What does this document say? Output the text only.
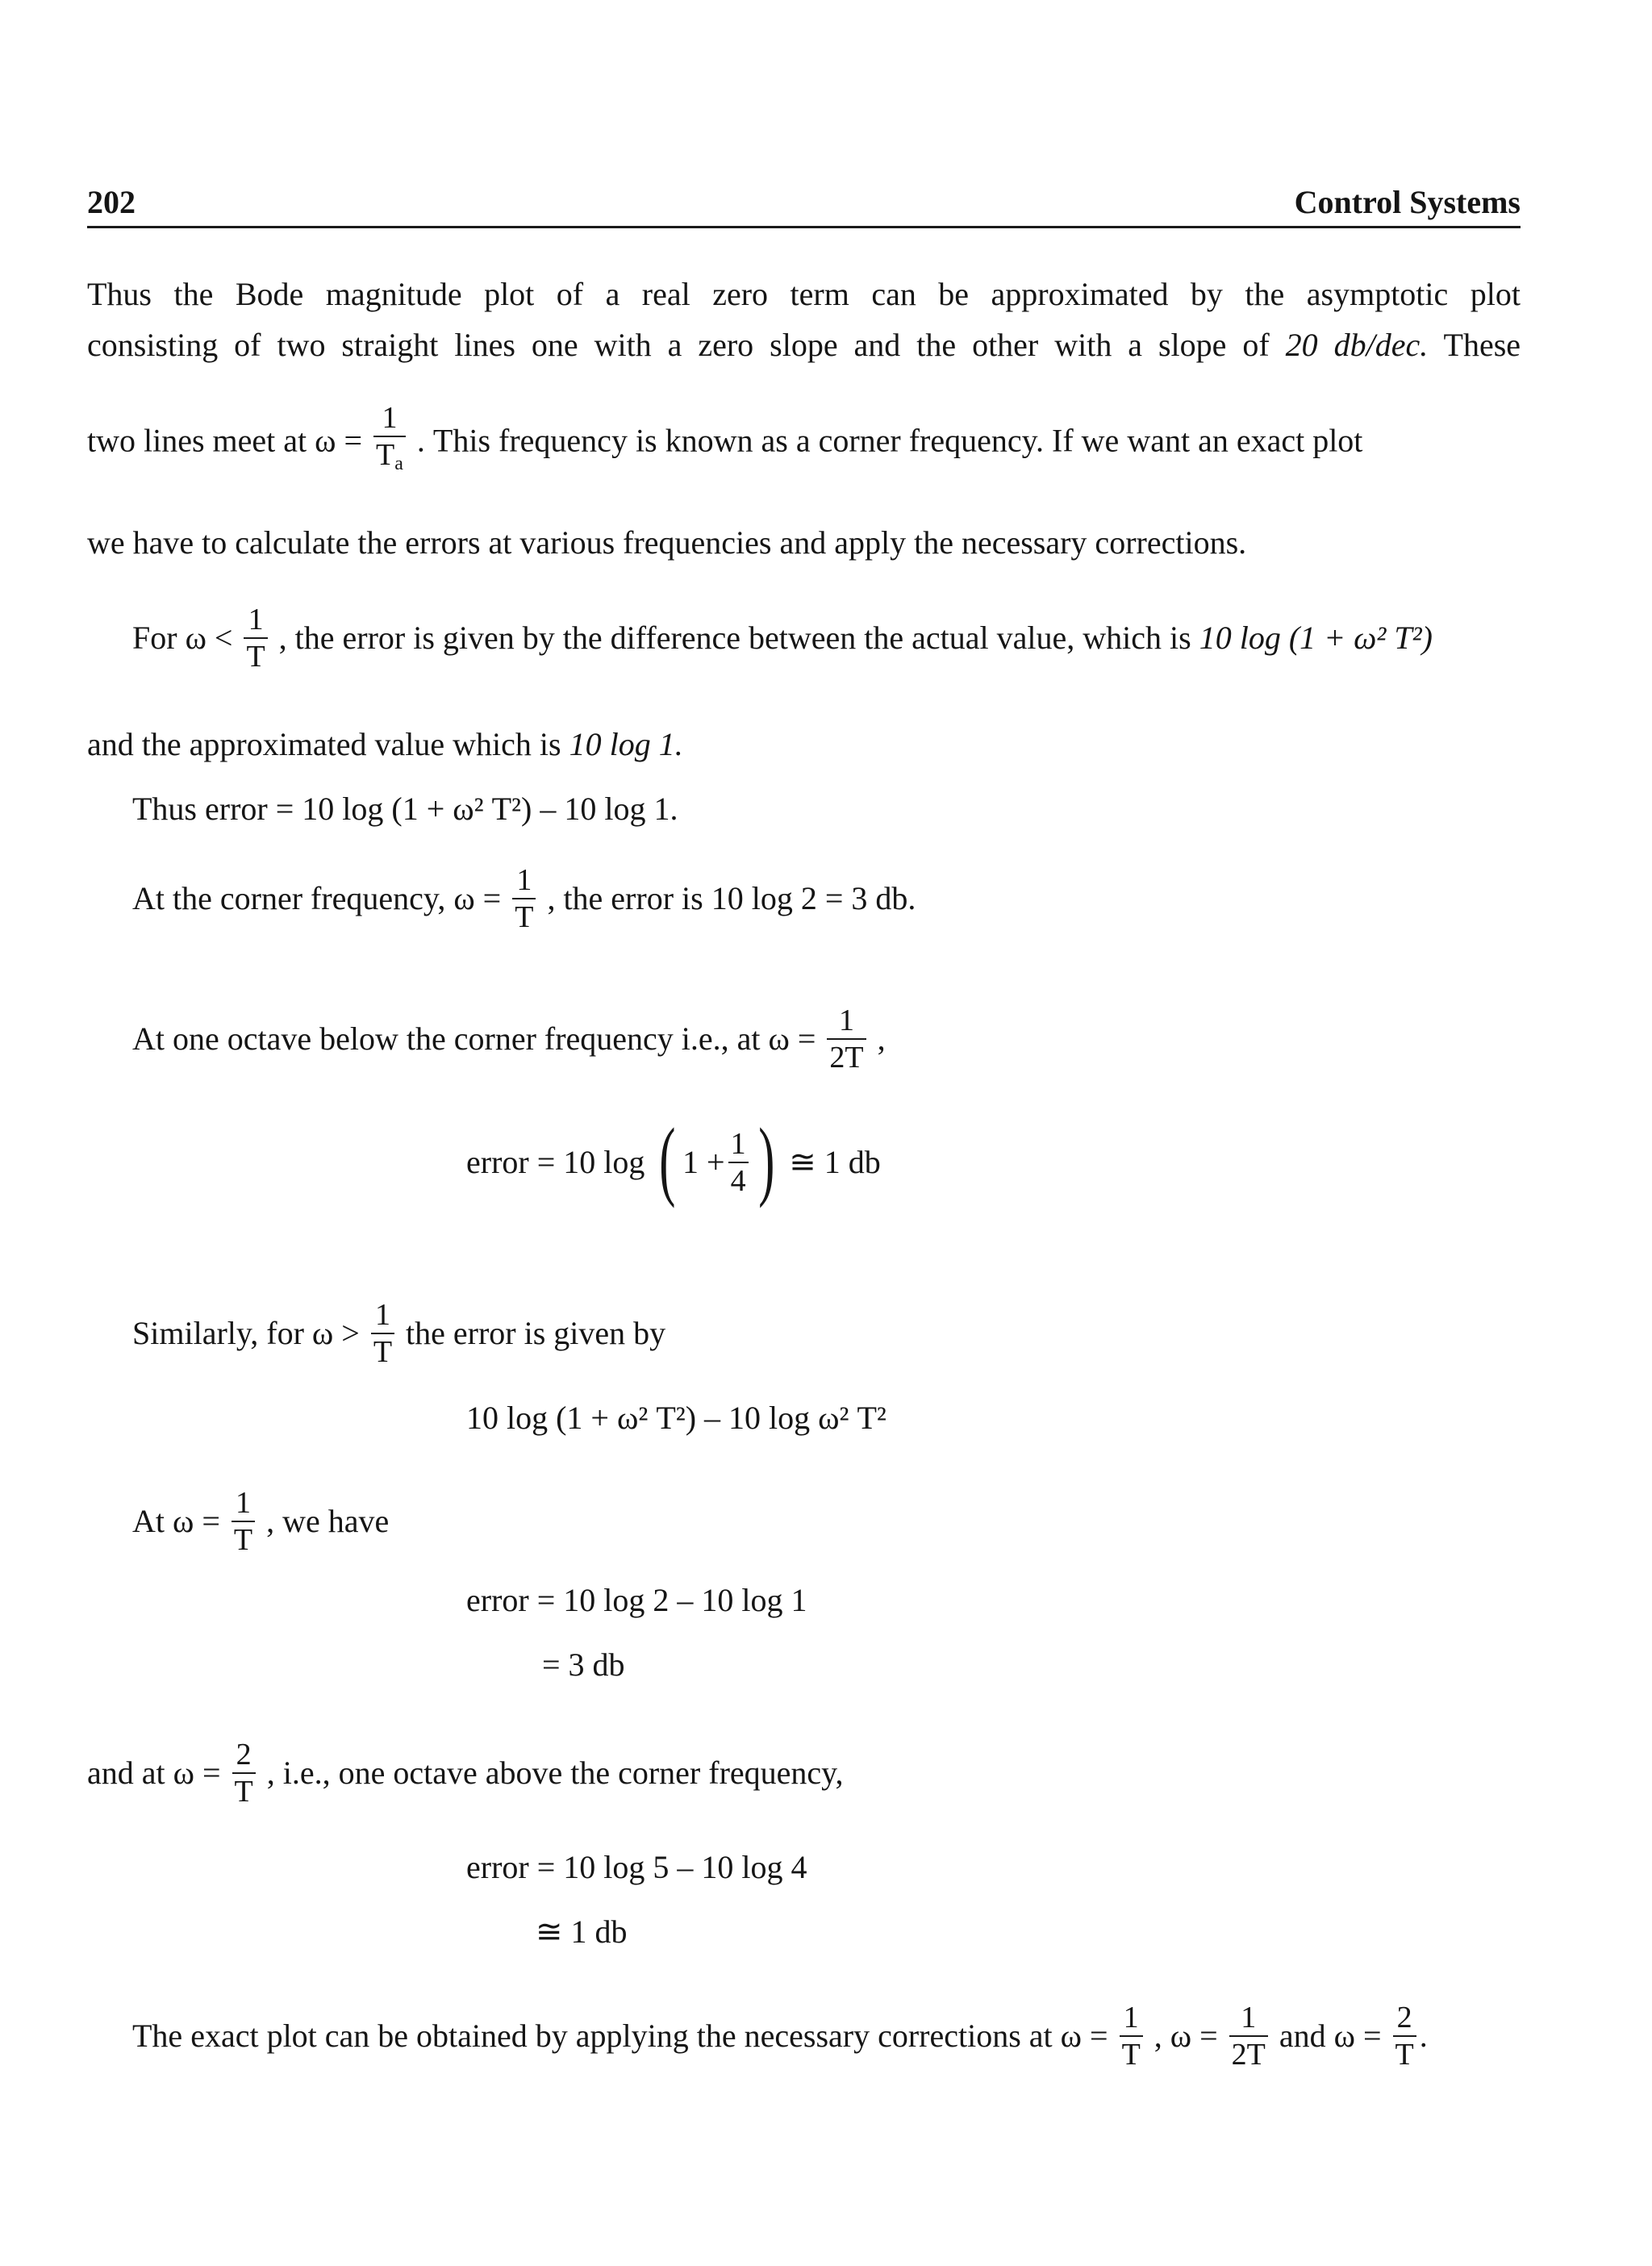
202	Control Systems
Thus the Bode magnitude plot of a real zero term can be approximated by the asymptotic plot
consisting of two straight lines one with a zero slope and the other with a slope of 20 db/dec. These
two lines meet at $\omega = \frac{1}{T_a}$ . This frequency is known as a corner frequency. If we want an exact plot
we have to calculate the errors at various frequencies and apply the necessary corrections.
For $\omega < \frac{1}{T}$ , the error is given by the difference between the actual value, which is 10 log (1 + ω² T²)
and the approximated value which is 10 log 1.
Thus error = 10 log (1 + ω² T²) – 10 log 1.
At the corner frequency, $\omega = \frac{1}{T}$ , the error is 10 log 2 = 3 db.
At one octave below the corner frequency i.e., at $\omega = \frac{1}{2T}$ ,
error = 10 log ( $1 + \frac{1}{4}$ ) ≅ 1 db
Similarly, for $\omega > \frac{1}{T}$ the error is given by
10 log (1 + ω² T²) – 10 log ω² T²
At $\omega = \frac{1}{T}$ , we have
error = 10 log 2 – 10 log 1
= 3 db
and at $\omega = \frac{2}{T}$ , i.e., one octave above the corner frequency,
error = 10 log 5 – 10 log 4
≅ 1 db
The exact plot can be obtained by applying the necessary corrections at $\omega = \frac{1}{T}$ , $\omega = \frac{1}{2T}$ and $\omega = \frac{2}{T}$ .
